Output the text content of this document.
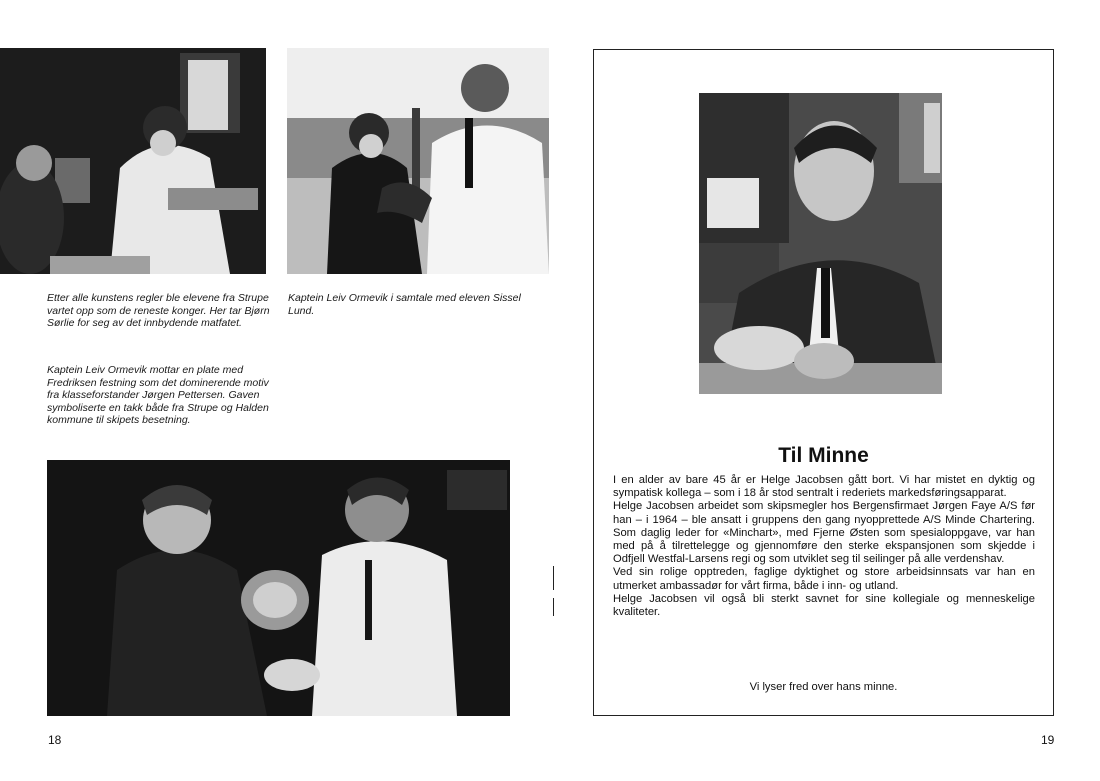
Etter alle kunstens regler ble elevene fra Strupe vartet opp som de reneste konger. Her tar Bjørn Sørlie for seg av det innbydende matfatet.
Kaptein Leiv Ormevik i samtale med eleven Sissel Lund.
Kaptein Leiv Ormevik mottar en plate med Fredriksen festning som det dominerende motiv fra klasseforstander Jørgen Pettersen. Gaven symboliserte en takk både fra Strupe og Halden kommune til skipets besetning.
18
Til Minne

I en alder av bare 45 år er Helge Jacobsen gått bort. Vi har mistet en dyktig og sympatisk kollega – som i 18 år stod sentralt i rederiets markedsføringsapparat.

Helge Jacobsen arbeidet som skipsmegler hos Bergensfirmaet Jørgen Faye A/S før han – i 1964 – ble ansatt i gruppens den gang nyopprettede A/S Minde Chartering. Som daglig leder for «Minchart», med Fjerne Østen som spesialoppgave, var han med på å tilrettelegge og gjennomføre den sterke ekspansjonen som skjedde i Odfjell Westfal-Larsens regi og som utviklet seg til seilinger på alle verdenshav.

Ved sin rolige opptreden, faglige dyktighet og store arbeidsinnsats var han en utmerket ambassadør for vårt firma, både i inn- og utland.

Helge Jacobsen vil også bli sterkt savnet for sine kollegiale og menneskelige kvaliteter.

Vi lyser fred over hans minne.
19
